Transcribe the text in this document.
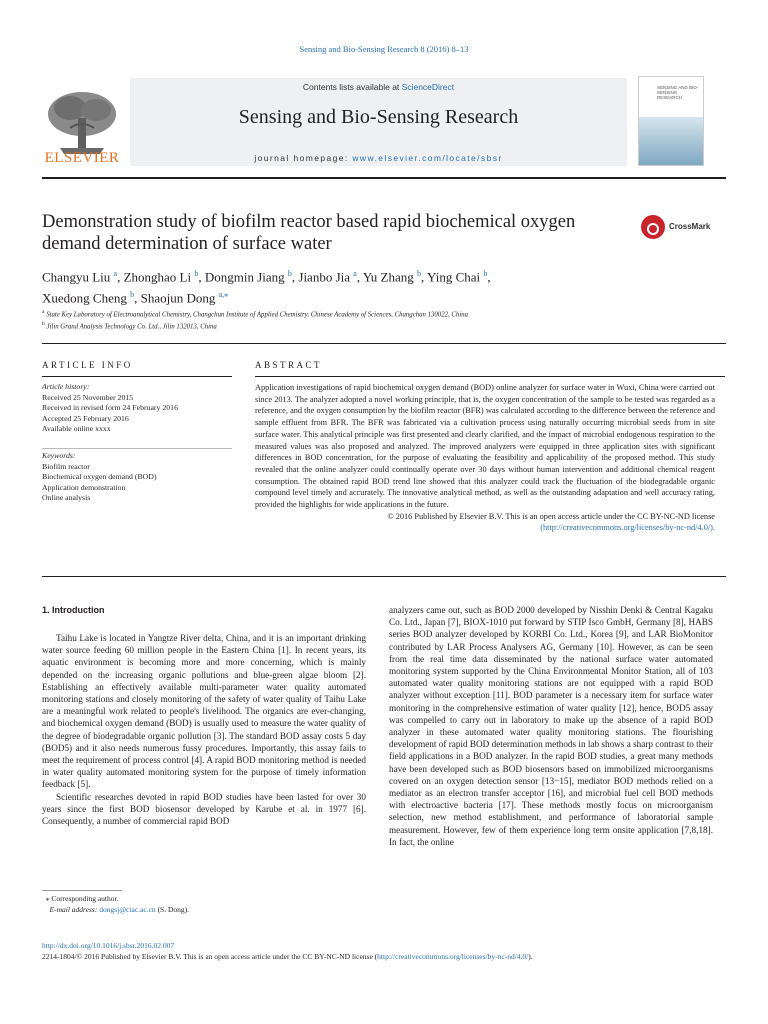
Sensing and Bio-Sensing Research 8 (2016) 8–13
Contents lists available at ScienceDirect
Sensing and Bio-Sensing Research
journal homepage: www.elsevier.com/locate/sbsr
ELSEVIER
SENSING AND BIO-SENSING RESEARCH
Demonstration study of biofilm reactor based rapid biochemical oxygen demand determination of surface water
CrossMark
Changyu Liu $^a$, Zhonghao Li $^b$, Dongmin Jiang $^b$, Jianbo Jia $^a$, Yu Zhang $^b$, Ying Chai $^b$,
Xuedong Cheng $^b$, Shaojun Dong $^{a,⁎}$
$^a$ State Key Laboratory of Electroanalytical Chemistry, Changchun Institute of Applied Chemistry, Chinese Academy of Sciences, Changchun 130022, China
$^b$ Jilin Grand Analysis Technology Co. Ltd., Jilin 132013, China
ARTICLE INFO
Article history:
Received 25 November 2015
Received in revised form 24 February 2016
Accepted 25 February 2016
Available online xxxx
Keywords:
Biofilm reactor
Biochemical oxygen demand (BOD)
Application demonstration
Online analysis
ABSTRACT
Application investigations of rapid biochemical oxygen demand (BOD) online analyzer for surface water in Wuxi, China were carried out since 2013. The analyzer adopted a novel working principle, that is, the oxygen concentration of the sample to be tested was regarded as a reference, and the oxygen consumption by the biofilm reactor (BFR) was calculated according to the difference between the reference and sample effluent from BFR. The BFR was fabricated via a cultivation process using naturally occurring microbial seeds from in site surface water. This analytical principle was first presented and clearly clarified, and the impact of microbial endogenous respiration to the measured values was also proposed and analyzed. The improved analyzers were equipped in three application sites with significant differences in BOD concentration, for the purpose of evaluating the feasibility and applicability of the proposed method. This study revealed that the online analyzer could continually operate over 30 days without human intervention and additional chemical reagent consumption. The obtained rapid BOD trend line showed that this analyzer could track the fluctuation of the biodegradable organic compound level timely and accurately. The innovative analytical method, as well as the outstanding adaptation and well accuracy rating, provided the highlights for wide applications in the future.
© 2016 Published by Elsevier B.V. This is an open access article under the CC BY-NC-ND license
(http://creativecommons.org/licenses/by-nc-nd/4.0/).
1. Introduction

Taihu Lake is located in Yangtze River delta, China, and it is an important drinking water source feeding 60 million people in the Eastern China [1]. In recent years, its aquatic environment is becoming more and more concerning, which is mainly depended on the increasing organic pollutions and blue-green algae bloom [2]. Establishing an effectively available multi-parameter water quality automated monitoring stations and closely monitoring of the safety of water quality of Taihu Lake are a meaningful work related to people's livelihood. The organics are ever-changing, and biochemical oxygen demand (BOD) is usually used to measure the water quality of the degree of biodegradable organic pollution [3]. The standard BOD assay costs 5 day (BOD5) and it also needs numerous fussy procedures. Importantly, this assay fails to meet the requirement of process control [4]. A rapid BOD monitoring method is needed in water quality automated monitoring system for the purpose of timely information feedback [5].

Scientific researches devoted in rapid BOD studies have been lasted for over 30 years since the first BOD biosensor developed by Karube et al. in 1977 [6]. Consequently, a number of commercial rapid BOD

analyzers came out, such as BOD 2000 developed by Nisshin Denki & Central Kagaku Co. Ltd., Japan [7], BIOX-1010 put forward by STIP Isco GmbH, Germany [8], HABS series BOD analyzer developed by KORBI Co. Ltd., Korea [9], and LAR BioMonitor contributed by LAR Process Analysers AG, Germany [10]. However, as can be seen from the real time data disseminated by the national surface water automated monitoring system supported by the China Environmental Monitor Station, all of 103 automated water quality monitoring stations are not equipped with a rapid BOD analyzer without exception [11]. BOD parameter is a necessary item for surface water monitoring in the comprehensive estimation of water quality [12], hence, BOD5 assay was compelled to carry out in laboratory to make up the absence of a rapid BOD analyzer in these automated water quality monitoring stations. The flourishing development of rapid BOD determination methods in lab shows a sharp contrast to their field applications in a BOD analyzer. In the rapid BOD studies, a great many methods have been developed such as BOD biosensors based on immobilized microorganisms covered on an oxygen detection sensor [13−15], mediator BOD methods relied on a mediator as an electron transfer acceptor [16], and microbial fuel cell BOD methods with electroactive bacteria [17]. These methods mostly focus on microorganism selection, new method establishment, and performance of laboratorial sample measurement. However, few of them experience long term onsite application [7,8,18]. In fact, the online

⁎ Corresponding author.
E-mail address: dongsj@ciac.ac.cn (S. Dong).
http://dx.doi.org/10.1016/j.sbsr.2016.02.007
2214-1804/© 2016 Published by Elsevier B.V. This is an open access article under the CC BY-NC-ND license (http://creativecommons.org/licenses/by-nc-nd/4.0/).
